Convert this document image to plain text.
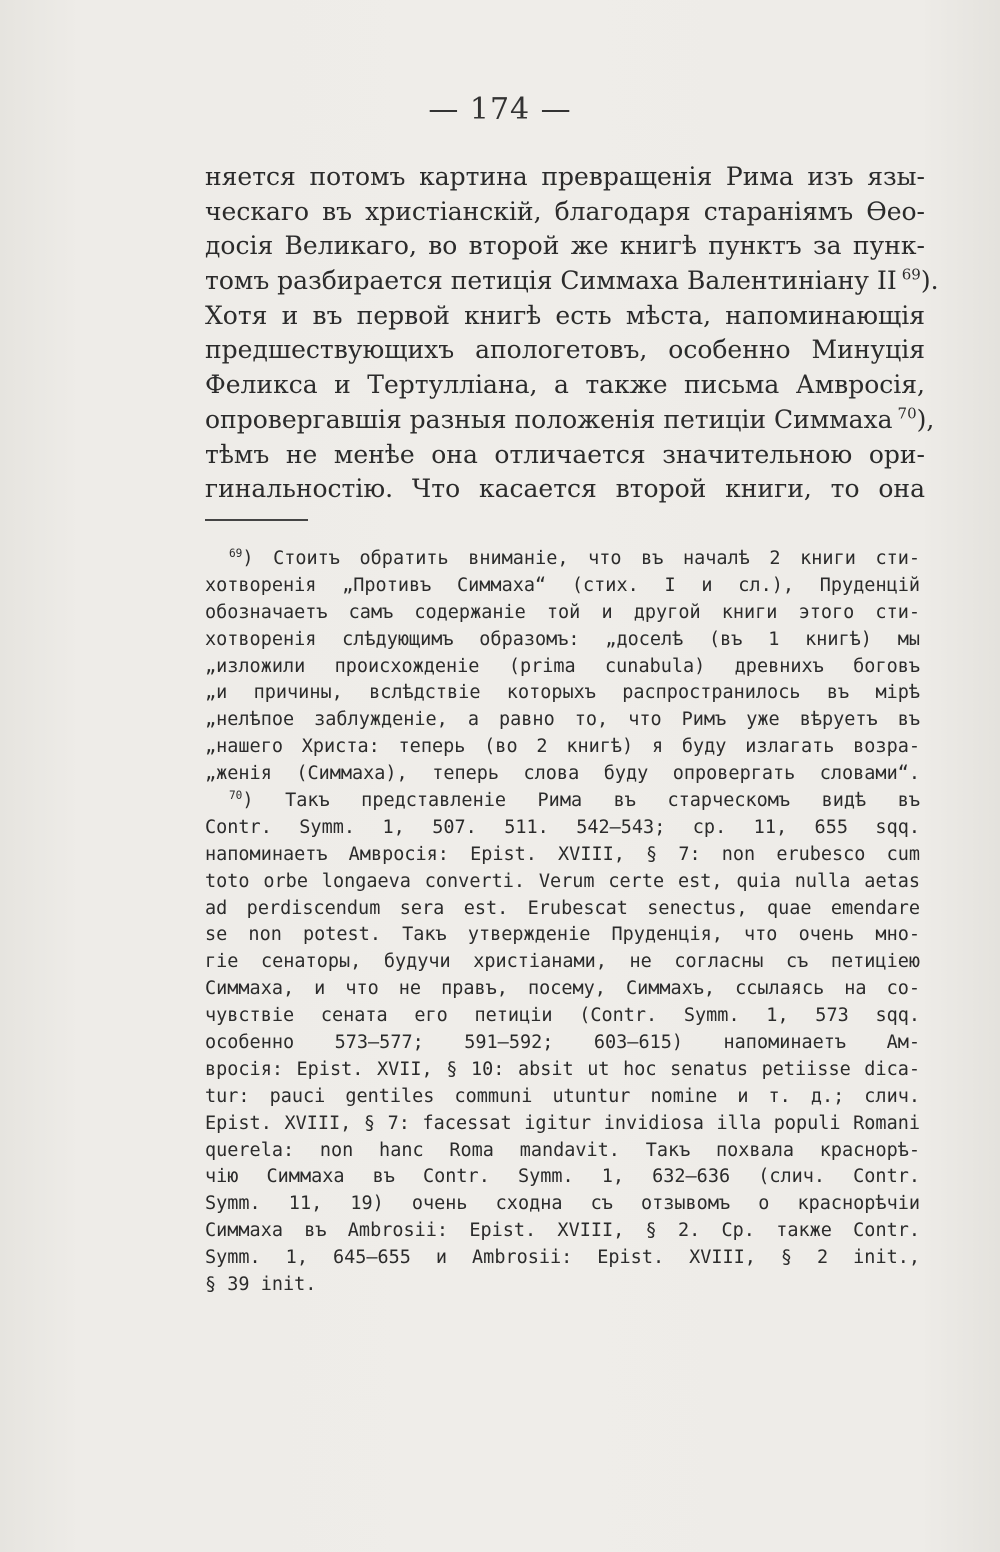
— 174 —
няется потомъ картина превращенія Рима изъ язы-
ческаго въ христіанскій, благодаря стараніямъ Ѳео-
досія Великаго, во второй же книгѣ пунктъ за пунк-
томъ разбирается петиція Симмаха Валентиніану II  $^{69}$).
Хотя и въ первой книгѣ есть мѣста, напоминающія
предшествующихъ апологетовъ, особенно Минуція
Феликса и Тертулліана, а также письма Амвросія,
опровергавшія разныя положенія петиціи Симмаха  $^{70}$),
тѣмъ не менѣе она отличается значительною ори-
гинальностію. Что касается второй книги, то она
$^{69}$) Стоитъ обратить вниманіе, что въ началѣ 2 книги сти-
хотворенія „Противъ Симмаха“ (стих. I и сл.), Пруденцій
обозначаетъ самъ содержаніе той и другой книги этого сти-
хотворенія слѣдующимъ образомъ: „доселѣ (въ 1 книгѣ) мы
„изложили происхожденіе (prima cunabula) древнихъ боговъ
„и причины, вслѣдствіе которыхъ распространилось въ мірѣ
„нелѣпое заблужденіе, а равно то, что Римъ уже вѣруетъ въ
„нашего Христа: теперь (во 2 книгѣ) я буду излагать возра-
„женія (Симмаха), теперь слова буду опровергать словами“.
$^{70}$) Такъ представленіе Рима въ старческомъ видѣ въ
Contr. Symm. 1, 507. 511. 542—543; ср. 11, 655 sqq.
напоминаетъ Амвросія: Epist. XVIII, § 7: non erubesco cum
toto orbe longaeva converti. Verum certe est, quia nulla aetas
ad perdiscendum sera est. Erubescat senectus, quae emendare
se non potest. Такъ утвержденіе Пруденція, что очень мно-
гіе сенаторы, будучи христіанами, не согласны съ петиціею
Симмаха, и что не правъ, посему, Симмахъ, ссылаясь на со-
чувствіе сената его петиціи (Contr. Symm. 1, 573 sqq.
особенно 573—577; 591—592; 603—615) напоминаетъ Ам-
вросія: Epist. XVII, § 10: absit ut hoc senatus petiisse dica-
tur: pauci gentiles communi utuntur nomine и т. д.; слич.
Epist. XVIII, § 7: facessat igitur invidiosa illa populi Romani
querela: non hanc Roma mandavit. Такъ похвала краснорѣ-
чію Симмаха въ Contr. Symm. 1, 632—636 (слич. Contr.
Symm. 11, 19) очень сходна съ отзывомъ о краснорѣчіи
Симмаха въ Ambrosii: Epist. XVIII, § 2. Ср. также Contr.
Symm. 1, 645—655 и Ambrosii: Epist. XVIII, § 2 init.,
§ 39 init.
